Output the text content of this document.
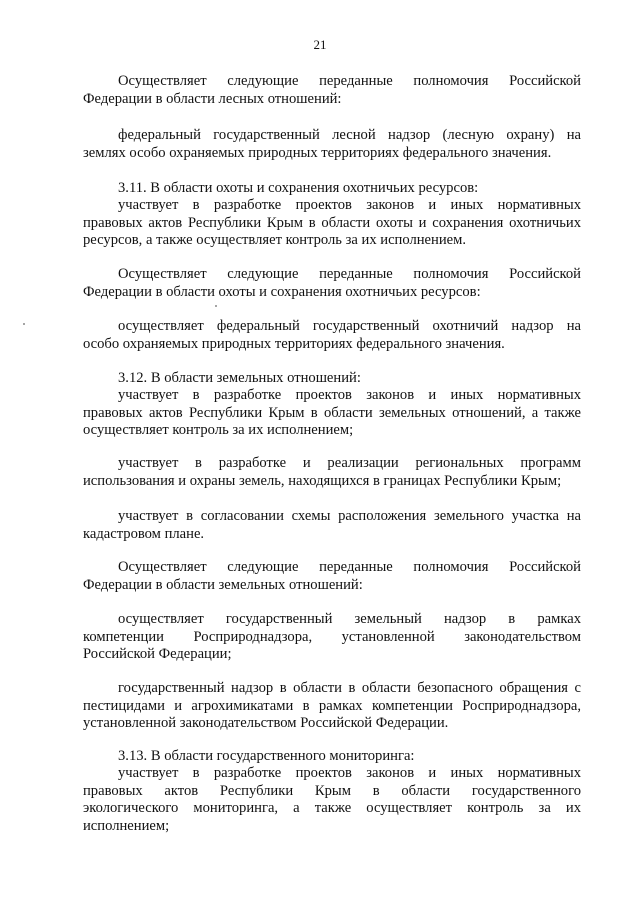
21
Осуществляет следующие переданные полномочия Российской
Федерации в области лесных отношений:
федеральный государственный лесной надзор (лесную охрану) на
землях особо охраняемых природных территориях федерального значения.
3.11. В области охоты и сохранения охотничьих ресурсов:
участвует в разработке проектов законов и иных нормативных
правовых актов Республики Крым в области охоты и сохранения охотничьих
ресурсов, а также осуществляет контроль за их исполнением.
Осуществляет следующие переданные полномочия Российской
Федерации в области охоты и сохранения охотничьих ресурсов:
осуществляет федеральный государственный охотничий надзор на
особо охраняемых природных территориях федерального значения.
3.12. В области земельных отношений:
участвует в разработке проектов законов и иных нормативных
правовых актов Республики Крым в области земельных отношений, а также
осуществляет контроль за их исполнением;
участвует в разработке и реализации региональных программ
использования и охраны земель, находящихся в границах Республики Крым;
участвует в согласовании схемы расположения земельного участка на
кадастровом плане.
Осуществляет следующие переданные полномочия Российской
Федерации в области земельных отношений:
осуществляет государственный земельный надзор в рамках
компетенции Росприроднадзора, установленной законодательством
Российской Федерации;
государственный надзор в области в области безопасного обращения с
пестицидами и агрохимикатами в рамках компетенции Росприроднадзора,
установленной законодательством Российской Федерации.
3.13. В области государственного мониторинга:
участвует в разработке проектов законов и иных нормативных
правовых актов Республики Крым в области государственного
экологического мониторинга, а также осуществляет контроль за их
исполнением;
